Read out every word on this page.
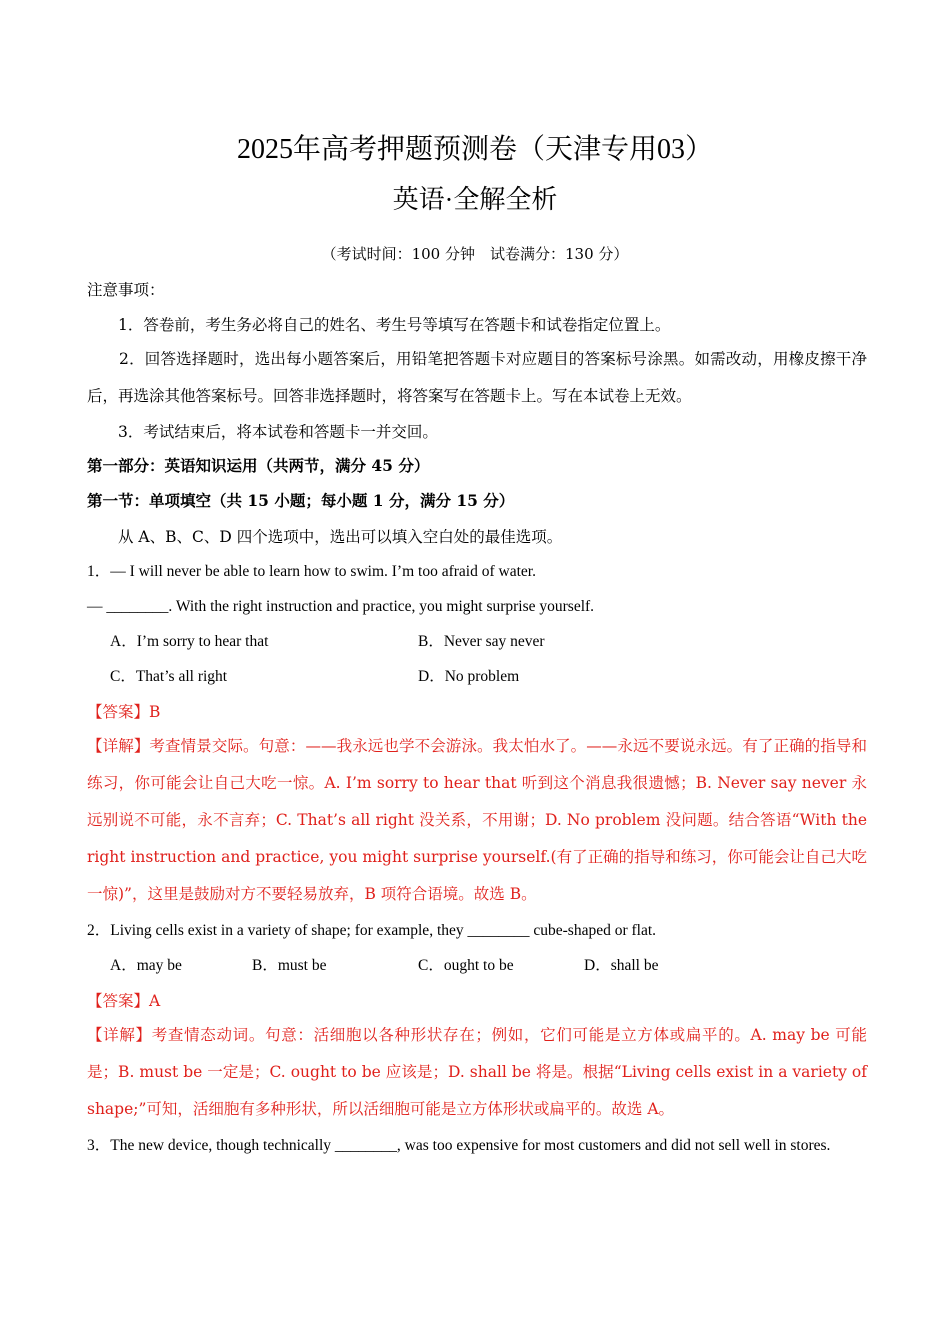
2025年高考押题预测卷（天津专用03）
英语·全解全析
（考试时间：100 分钟　试卷满分：130 分）
注意事项：
1．答卷前，考生务必将自己的姓名、考生号等填写在答题卡和试卷指定位置上。
2．回答选择题时，选出每小题答案后，用铅笔把答题卡对应题目的答案标号涂黑。如需改动，用橡皮擦干净后，再选涂其他答案标号。回答非选择题时，将答案写在答题卡上。写在本试卷上无效。
3．考试结束后，将本试卷和答题卡一并交回。
第一部分：英语知识运用（共两节，满分 45 分）
第一节：单项填空（共 15 小题；每小题 1 分，满分 15 分）
从 A、B、C、D 四个选项中，选出可以填入空白处的最佳选项。
1．— I will never be able to learn how to swim. I’m too afraid of water.
— ________. With the right instruction and practice, you might surprise yourself.
A．I’m sorry to hear that	B．Never say never
C．That’s all right	D．No problem
【答案】B
【详解】考查情景交际。句意：——我永远也学不会游泳。我太怕水了。——永远不要说永远。有了正确的指导和练习，你可能会让自己大吃一惊。A. I’m sorry to hear that 听到这个消息我很遗憾；B. Never say never 永远别说不可能，永不言弃；C. That’s all right 没关系，不用谢；D. No problem 没问题。结合答语“With the right instruction and practice, you might surprise yourself.(有了正确的指导和练习，你可能会让自己大吃一惊)”，这里是鼓励对方不要轻易放弃，B 项符合语境。故选 B。
2．Living cells exist in a variety of shape; for example, they ________ cube-shaped or flat.
A．may be	B．must be	C．ought to be	D．shall be
【答案】A
【详解】考查情态动词。句意：活细胞以各种形状存在；例如，它们可能是立方体或扁平的。A. may be 可能是；B. must be 一定是；C. ought to be 应该是；D. shall be 将是。根据“Living cells exist in a variety of shape;”可知，活细胞有多种形状，所以活细胞可能是立方体形状或扁平的。故选 A。
3．The new device, though technically ________, was too expensive for most customers and did not sell well in stores.
